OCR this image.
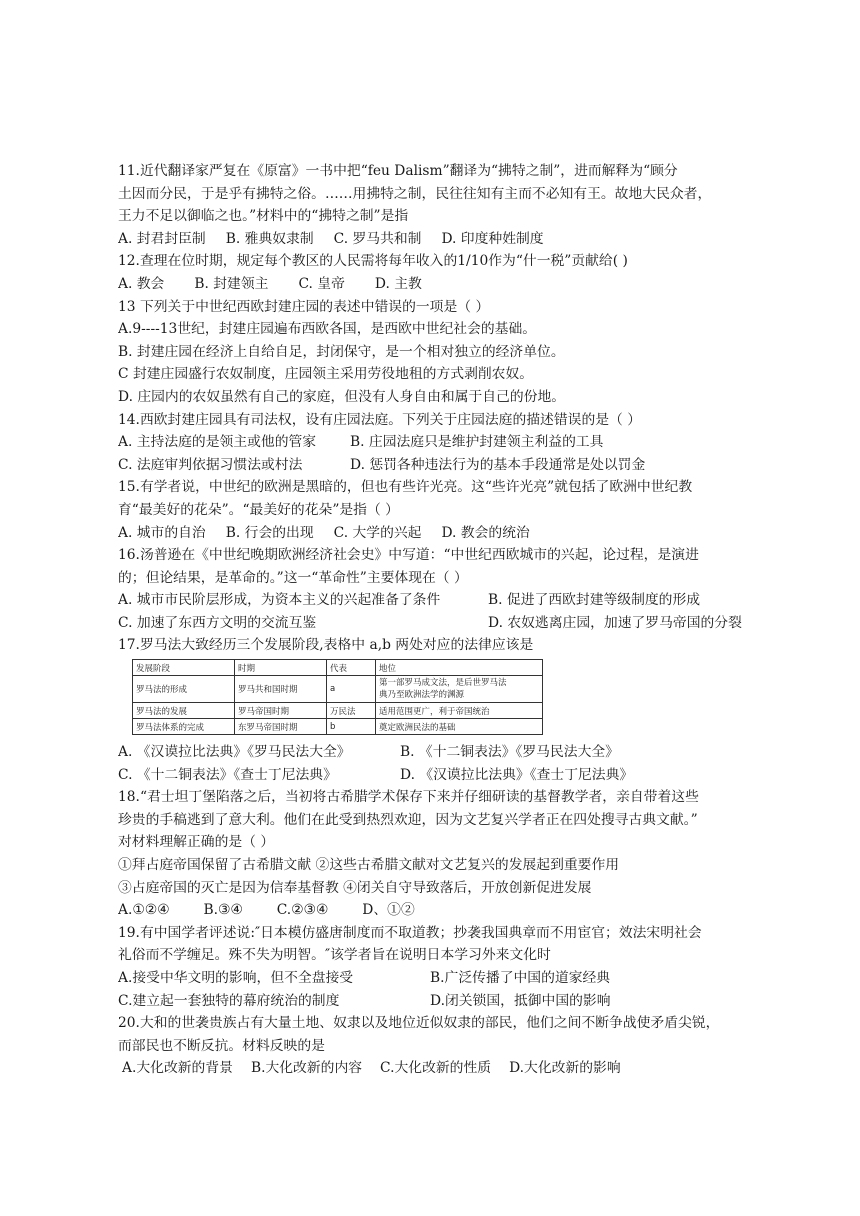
11.近代翻译家严复在《原富》一书中把“feu Dalism”翻译为“拂特之制”，进而解释为“顾分
土因而分民，于是乎有拂特之俗。……用拂特之制，民往往知有主而不必知有王。故地大民众者，
王力不足以御临之也。”材料中的“拂特之制”是指
A. 封君封臣制 B. 雅典奴隶制 C. 罗马共和制 D. 印度种姓制度
12.查理在位时期，规定每个教区的人民需将每年收入的1/10作为“什一税”贡献给( )
A. 教会 B. 封建领主 C. 皇帝 D. 主教
13 下列关于中世纪西欧封建庄园的表述中错误的一项是（ ）
A.9----13世纪，封建庄园遍布西欧各国，是西欧中世纪社会的基础。
B. 封建庄园在经济上自给自足，封闭保守，是一个相对独立的经济单位。
C 封建庄园盛行农奴制度，庄园领主采用劳役地租的方式剥削农奴。
D. 庄园内的农奴虽然有自己的家庭，但没有人身自由和属于自己的份地。
14.西欧封建庄园具有司法权，设有庄园法庭。下列关于庄园法庭的描述错误的是（ ）
A. 主持法庭的是领主或他的管家	B. 庄园法庭只是维护封建领主利益的工具
C. 法庭审判依据习惯法或村法	D. 惩罚各种违法行为的基本手段通常是处以罚金
15.有学者说，中世纪的欧洲是黑暗的，但也有些许光亮。这“些许光亮”就包括了欧洲中世纪教
育“最美好的花朵”。“最美好的花朵”是指（ ）
A. 城市的自治 B. 行会的出现 C. 大学的兴起 D. 教会的统治
16.汤普逊在《中世纪晚期欧洲经济社会史》中写道：“中世纪西欧城市的兴起，论过程，是演进
的；但论结果，是革命的。”这一“革命性”主要体现在（ ）
A. 城市市民阶层形成，为资本主义的兴起准备了条件	B. 促进了西欧封建等级制度的形成
C. 加速了东西方文明的交流互鉴	D. 农奴逃离庄园，加速了罗马帝国的分裂
17.罗马法大致经历三个发展阶段,表格中 a,b 两处对应的法律应该是
发展阶段	时期	代表	地位
罗马法的形成	罗马共和国时期	a	第一部罗马成文法，是后世罗马法
典乃至欧洲法学的渊源

罗马法的发展	罗马帝国时期	万民法	适用范围更广，利于帝国统治
罗马法体系的完成	东罗马帝国时期	b	奠定欧洲民法的基础
A. 《汉谟拉比法典》《罗马民法大全》	B. 《十二铜表法》《罗马民法大全》
C. 《十二铜表法》《查士丁尼法典》	D. 《汉谟拉比法典》《查士丁尼法典》
18.“君士坦丁堡陷落之后，当初将古希腊学术保存下来并仔细研读的基督教学者，亲自带着这些
珍贵的手稿逃到了意大利。他们在此受到热烈欢迎，因为文艺复兴学者正在四处搜寻古典文献。”
对材料理解正确的是（ ）
①拜占庭帝国保留了古希腊文献 ②这些古希腊文献对文艺复兴的发展起到重要作用
③占庭帝国的灭亡是因为信奉基督教 ④闭关自守导致落后，开放创新促进发展
A.①②④ B.③④ C.②③④ D、①②
19.有中国学者评述说:″日本模仿盛唐制度而不取道教；抄袭我国典章而不用宦官；效法宋明社会
礼俗而不学缠足。殊不失为明智。″该学者旨在说明日本学习外来文化时
A.接受中华文明的影响，但不全盘接受	B.广泛传播了中国的道家经典
C.建立起一套独特的幕府统治的制度	D.闭关锁国，抵御中国的影响
20.大和的世袭贵族占有大量土地、奴隶以及地位近似奴隶的部民，他们之间不断争战使矛盾尖锐，
而部民也不断反抗。材料反映的是
A.大化改新的背景 B.大化改新的内容 C.大化改新的性质 D.大化改新的影响
